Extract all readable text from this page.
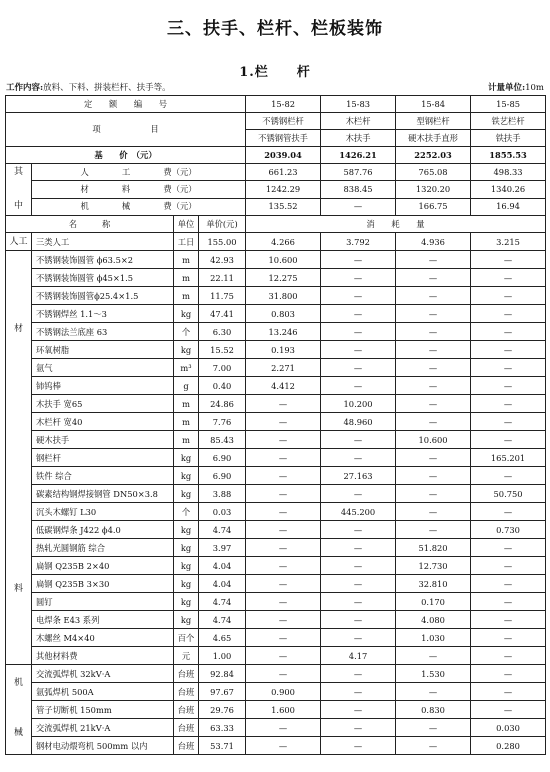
三、扶手、栏杆、栏板装饰
1.栏　　杆
工作内容:放料、下料、拼装栏杆、扶手等。	计量单位:10m
定　　额　　编　　号				15-82	15-83	15-84	15-85
项　　　　　　目				不锈钢栏杆	木栏杆	型钢栏杆	铁艺栏杆
				不锈钢管扶手	木扶手	硬木扶手直形	铁扶手
基　　价　（元）				2039.04	1426.21	2252.03	1855.53
其

中	人　　　　工　　　　费（元）			661.23	587.76	765.08	498.33
	材　　　　料　　　　费（元）			1242.29	838.45	1320.20	1340.26
	机　　　　械　　　　费（元）			135.52	—	166.75	16.94
名　　　称		单位	单价(元)	消　　耗　　量			
人工	三类人工	工日	155.00	4.266	3.792	4.936	3.215

材
料	不锈钢装饰圆管 ϕ63.5×2	m	42.93	10.600	—	—	—
	不锈钢装饰圆管 ϕ45×1.5	m	22.11	12.275	—	—	—
	不锈钢装饰圆管ϕ25.4×1.5	m	11.75	31.800	—	—	—
	不锈钢焊丝 1.1～3	kg	47.41	0.803	—	—	—
	不锈钢法兰底座 63	个	6.30	13.246	—	—	—
	环氧树脂	kg	15.52	0.193	—	—	—
	氩气	m³	7.00	2.271	—	—	—
	铈钨棒	g	0.40	4.412	—	—	—
	木扶手 宽65	m	24.86	—	10.200	—	—
	木栏杆 宽40	m	7.76	—	48.960	—	—
	硬木扶手	m	85.43	—	—	10.600	—
	钢栏杆	kg	6.90	—	—	—	165.201
	铁件 综合	kg	6.90	—	27.163	—	—
	碳素结构钢焊接钢管 DN50×3.8	kg	3.88	—	—	—	50.750
	沉头木螺钉 L30	个	0.03	—	445.200	—	—
	低碳钢焊条 J422 ϕ4.0	kg	4.74	—	—	—	0.730
	热轧光圆钢筋 综合	kg	3.97	—	—	51.820	—
	扁钢 Q235B 2×40	kg	4.04	—	—	12.730	—
	扁钢 Q235B 3×30	kg	4.04	—	—	32.810	—
	圆钉	kg	4.74	—	—	0.170	—
	电焊条 E43 系列	kg	4.74	—	—	4.080	—
	木螺丝 M4×40	百个	4.65	—	—	1.030	—
	其他材料费	元	1.00	—	4.17	—	—

机
械	交流弧焊机 32kV·A	台班	92.84	—	—	1.530	—
	氩弧焊机 500A	台班	97.67	0.900	—	—	—
	管子切断机 150mm	台班	29.76	1.600	—	0.830	—
	交流弧焊机 21kV·A	台班	63.33	—	—	—	0.030
	钢材电动煨弯机 500mm 以内	台班	53.71	—	—	—	0.280
